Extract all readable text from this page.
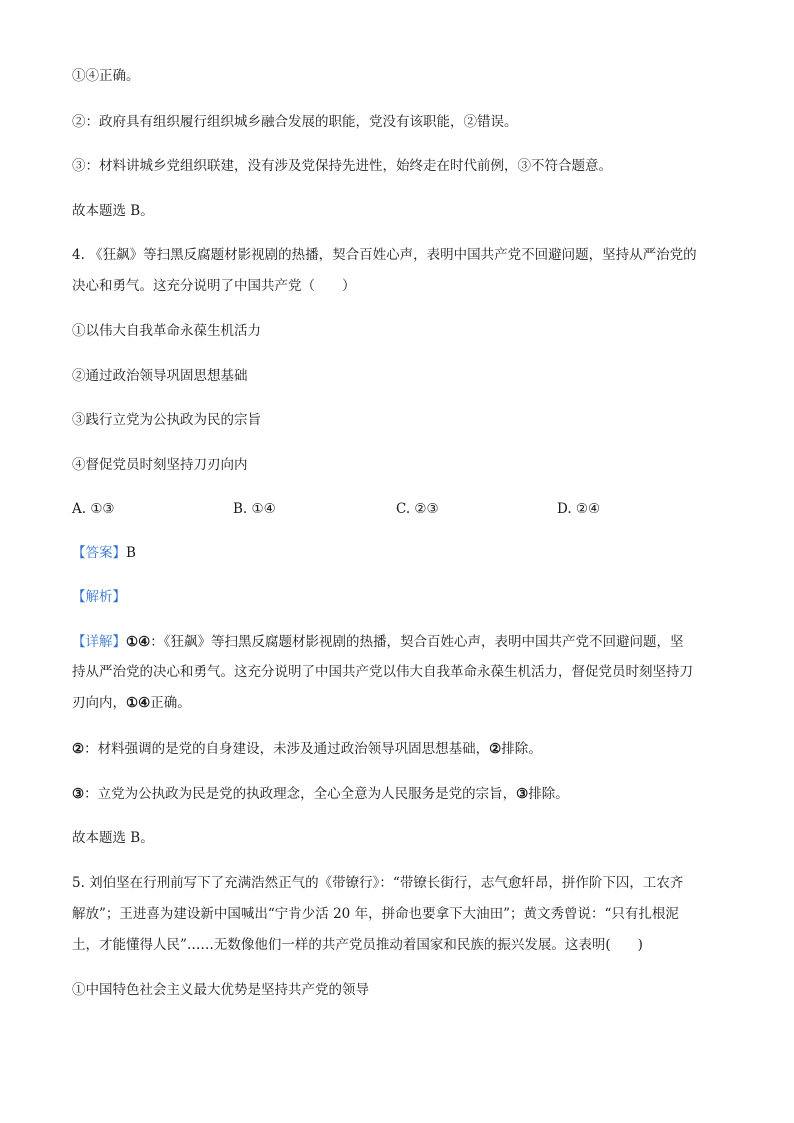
①④正确。
②：政府具有组织履行组织城乡融合发展的职能，党没有该职能，②错误。
③：材料讲城乡党组织联建，没有涉及党保持先进性，始终走在时代前例，③不符合题意。
故本题选 B。
4. 《狂飙》等扫黑反腐题材影视剧的热播，契合百姓心声，表明中国共产党不回避问题，坚持从严治党的
决心和勇气。这充分说明了中国共产党（　　）
①以伟大自我革命永葆生机活力
②通过政治领导巩固思想基础
③践行立党为公执政为民的宗旨
④督促党员时刻坚持刀刃向内
A. ①③	B. ①④	C. ②③	D. ②④
【答案】B
【解析】
【详解】①④：《狂飙》等扫黑反腐题材影视剧的热播，契合百姓心声，表明中国共产党不回避问题，坚
持从严治党的决心和勇气。这充分说明了中国共产党以伟大自我革命永葆生机活力，督促党员时刻坚持刀
刃向内，①④正确。
②：材料强调的是党的自身建设，未涉及通过政治领导巩固思想基础，②排除。
③：立党为公执政为民是党的执政理念，全心全意为人民服务是党的宗旨，③排除。
故本题选 B。
5. 刘伯坚在行刑前写下了充满浩然正气的《带镣行》：“带镣长街行，志气愈轩昂，拼作阶下囚，工农齐
解放”；王进喜为建设新中国喊出“宁肯少活 20 年，拼命也要拿下大油田”；黄文秀曾说：“只有扎根泥
土，才能懂得人民”……无数像他们一样的共产党员推动着国家和民族的振兴发展。这表明(　　)
①中国特色社会主义最大优势是坚持共产党的领导
